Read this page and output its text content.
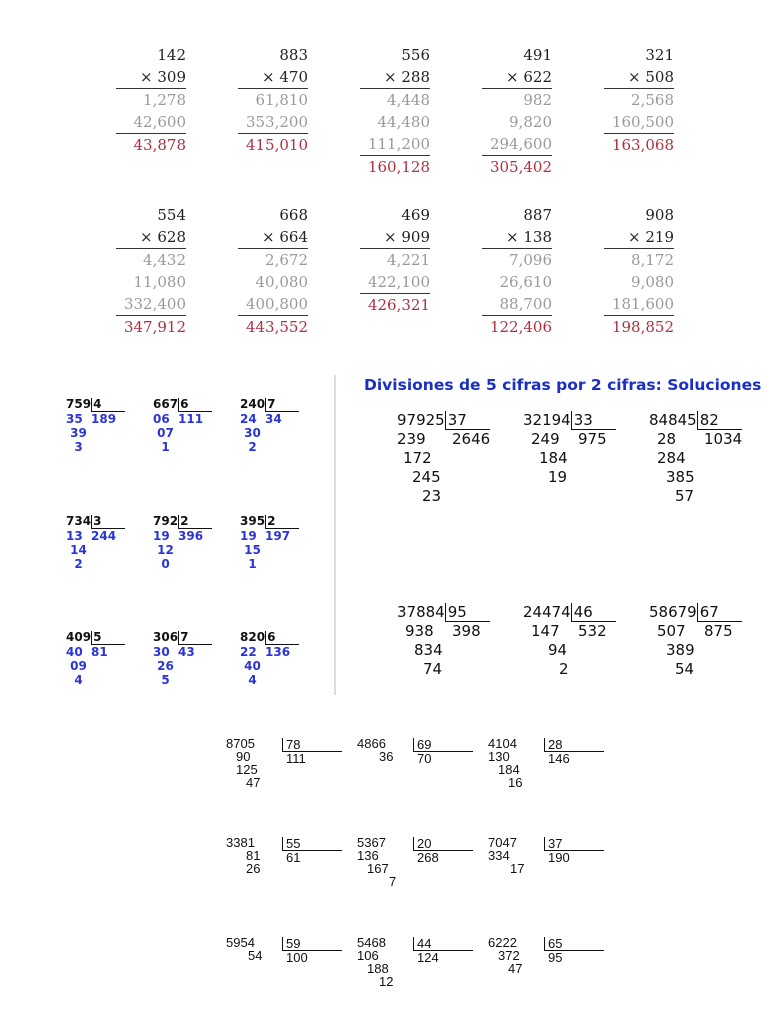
142
× 309
1,278
42,600
43,878
883
× 470
61,810
353,200
415,010
556
× 288
4,448
44,480
111,200
160,128
491
× 622
982
9,820
294,600
305,402
321
× 508
2,568
160,500
163,068
554
× 628
4,432
11,080
332,400
347,912
668
× 664
2,672
40,080
400,800
443,552
469
× 909
4,221
422,100
426,321
887
× 138
7,096
26,610
88,700
122,406
908
× 219
8,172
9,080
181,600
198,852
759 4
35  189
39
3
667 6
06  111
07
1
240 7
24  34
30
2
734 3
13  244
14
2
792 2
19  396
12
0
395 2
19  197
15
1
409 5
40  81
09
4
306 7
30  43
26
5
820 6
22  136
40
4
Divisiones de 5 cifras por 2 cifras: Soluciones
97925 37
2646
239
172
245
23
32194 33
975
249
184
19
84845 82
1034
28
284
385
57
37884 95
398
938
834
74
24474 46
532
147
94
2
58679 67
875
507
389
54
8705	78
111
90
125
47
4866	69
70
36
4104	28
146
130
184
16
3381	55
61
81
26
5367	20
268
136
167
7
7047	37
190
334
17
5954	59
100
54
5468	44
124
106
188
12
6222	65
95
372
47
